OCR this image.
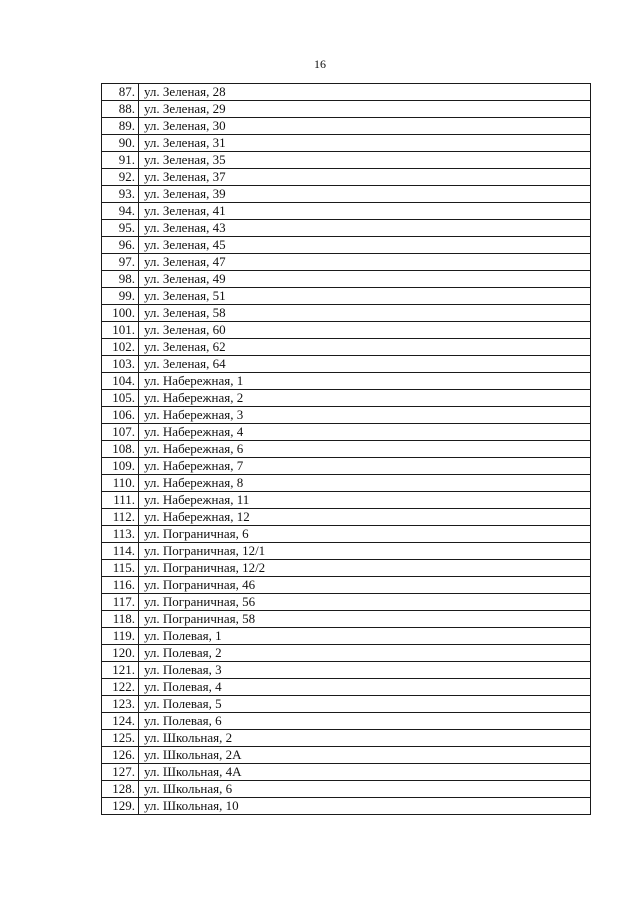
16
87.	ул. Зеленая, 28
88.	ул. Зеленая, 29
89.	ул. Зеленая, 30
90.	ул. Зеленая, 31
91.	ул. Зеленая, 35
92.	ул. Зеленая, 37
93.	ул. Зеленая, 39
94.	ул. Зеленая, 41
95.	ул. Зеленая, 43
96.	ул. Зеленая, 45
97.	ул. Зеленая, 47
98.	ул. Зеленая, 49
99.	ул. Зеленая, 51
100.	ул. Зеленая, 58
101.	ул. Зеленая, 60
102.	ул. Зеленая, 62
103.	ул. Зеленая, 64
104.	ул. Набережная, 1
105.	ул. Набережная, 2
106.	ул. Набережная, 3
107.	ул. Набережная, 4
108.	ул. Набережная, 6
109.	ул. Набережная, 7
110.	ул. Набережная, 8
111.	ул. Набережная, 11
112.	ул. Набережная, 12
113.	ул. Пограничная, 6
114.	ул. Пограничная, 12/1
115.	ул. Пограничная, 12/2
116.	ул. Пограничная, 46
117.	ул. Пограничная, 56
118.	ул. Пограничная, 58
119.	ул. Полевая, 1
120.	ул. Полевая, 2
121.	ул. Полевая, 3
122.	ул. Полевая, 4
123.	ул. Полевая, 5
124.	ул. Полевая, 6
125.	ул. Школьная, 2
126.	ул. Школьная, 2А
127.	ул. Школьная, 4А
128.	ул. Школьная, 6
129.	ул. Школьная, 10
